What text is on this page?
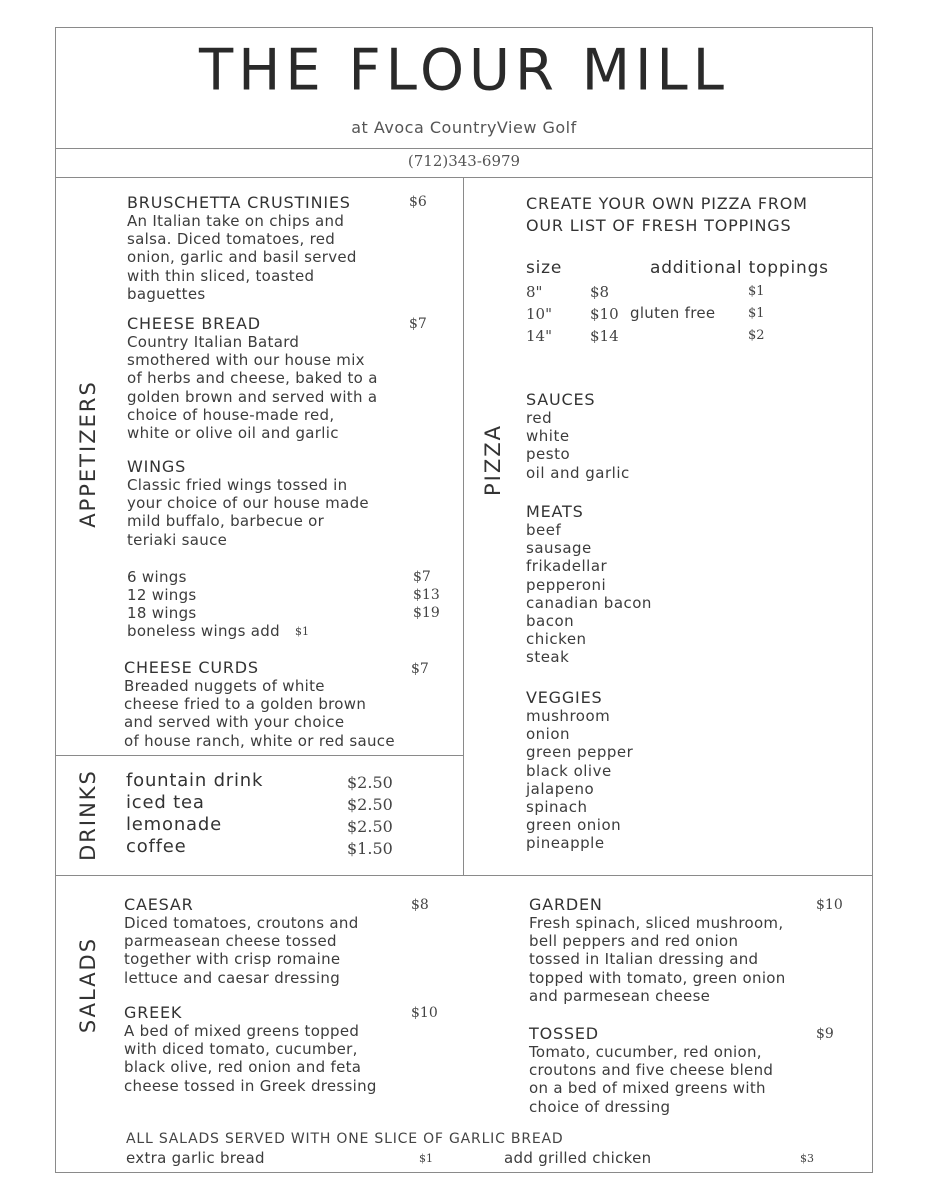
THE FLOUR MILL
at Avoca CountryView Golf
(712)343-6979
APPETIZERS
DRINKS
PIZZA
SALADS
BRUSCHETTA CRUSTINIES	$6
An Italian take on chips and
salsa. Diced tomatoes, red
onion, garlic and basil served
with thin sliced, toasted
baguettes
CHEESE BREAD	$7
Country Italian Batard
smothered with our house mix
of herbs and cheese, baked to a
golden brown and served with a
choice of house-made red,
white or olive oil and garlic
WINGS
Classic fried wings tossed in
your choice of our house made
mild buffalo, barbecue or
teriaki sauce
6 wings	$7
12 wings	$13
18 wings	$19
boneless wings add $1
CHEESE CURDS	$7
Breaded nuggets of white
cheese fried to a golden brown
and served with your choice
of house ranch, white or red sauce
fountain drink	$2.50
iced tea	$2.50
lemonade	$2.50
coffee	$1.50
CREATE YOUR OWN PIZZA FROM
OUR LIST OF FRESH TOPPINGS
size	additional toppings
8"	$8	$1
10"	$10 gluten free	$1
14"	$14	$2
SAUCES
red
white
pesto
oil and garlic
MEATS
beef
sausage
frikadellar
pepperoni
canadian bacon
bacon
chicken
steak
VEGGIES
mushroom
onion
green pepper
black olive
jalapeno
spinach
green onion
pineapple
CAESAR	$8
Diced tomatoes, croutons and
parmeasean cheese tossed
together with crisp romaine
lettuce and caesar dressing
GREEK	$10
A bed of mixed greens topped
with diced tomato, cucumber,
black olive, red onion and feta
cheese tossed in Greek dressing
GARDEN	$10
Fresh spinach, sliced mushroom,
bell peppers and red onion
tossed in Italian dressing and
topped with tomato, green onion
and parmesean cheese
TOSSED	$9
Tomato, cucumber, red onion,
croutons and five cheese blend
on a bed of mixed greens with
choice of dressing
ALL SALADS SERVED WITH ONE SLICE OF GARLIC BREAD
extra garlic bread	$1	add grilled chicken	$3
